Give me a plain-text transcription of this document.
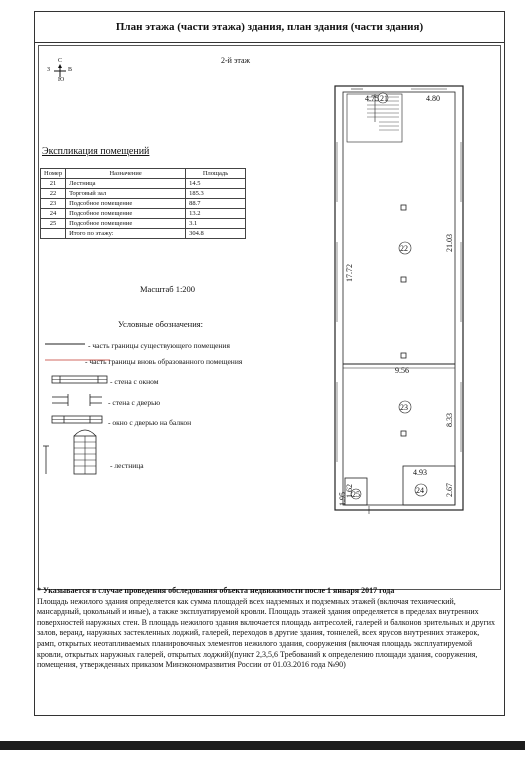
План этажа (части этажа) здания, план здания (части здания)
2-й этаж
С
З	В
Ю
Экспликация помещений
Номер	Назначение	Площадь
21	Лестница	14.5
22	Торговый зал	185.3
23	Подсобное помещение	88.7
24	Подсобное помещение	13.2
25	Подсобное помещение	3.1
	Итого по этажу:	304.8
Масштаб 1:200
Условные обозначения:
- часть границы существующего помещения
- часть границы вновь образованного помещения
- стена с окном
- стена с дверью
- окно с дверью на балкон
- лестница
21
22
23
24
25
4.75	4.80
9.56
4.93
21.03
17.72
8.33
2.67
1.62
1.95

* Указывается в случае проведения обследования объекта недвижимости после 1 января 2017 года

Площадь нежилого здания определяется как сумма площадей всех надземных и подземных этажей (включая технический, мансардный, цокольный и иные), а также эксплуатируемой кровли. Площадь этажей здания определяется в пределах внутренних поверхностей наружных стен. В площадь нежилого здания включается площадь антресолей, галерей и балконов зрительных и других залов, веранд, наружных застекленных лоджий, галерей, переходов в другие здания, тоннелей, всех ярусов внутренних этажерок, рамп, открытых неотапливаемых планировочных элементов нежилого здания, сооружения (включая площадь эксплуатируемой кровли, открытых наружных галерей, открытых лоджий)(пункт 2,3,5,6 Требований к определению площади здания, сооружения, помещения, утвержденных приказом Минэкономразвития России от 01.03.2016 года №90)
